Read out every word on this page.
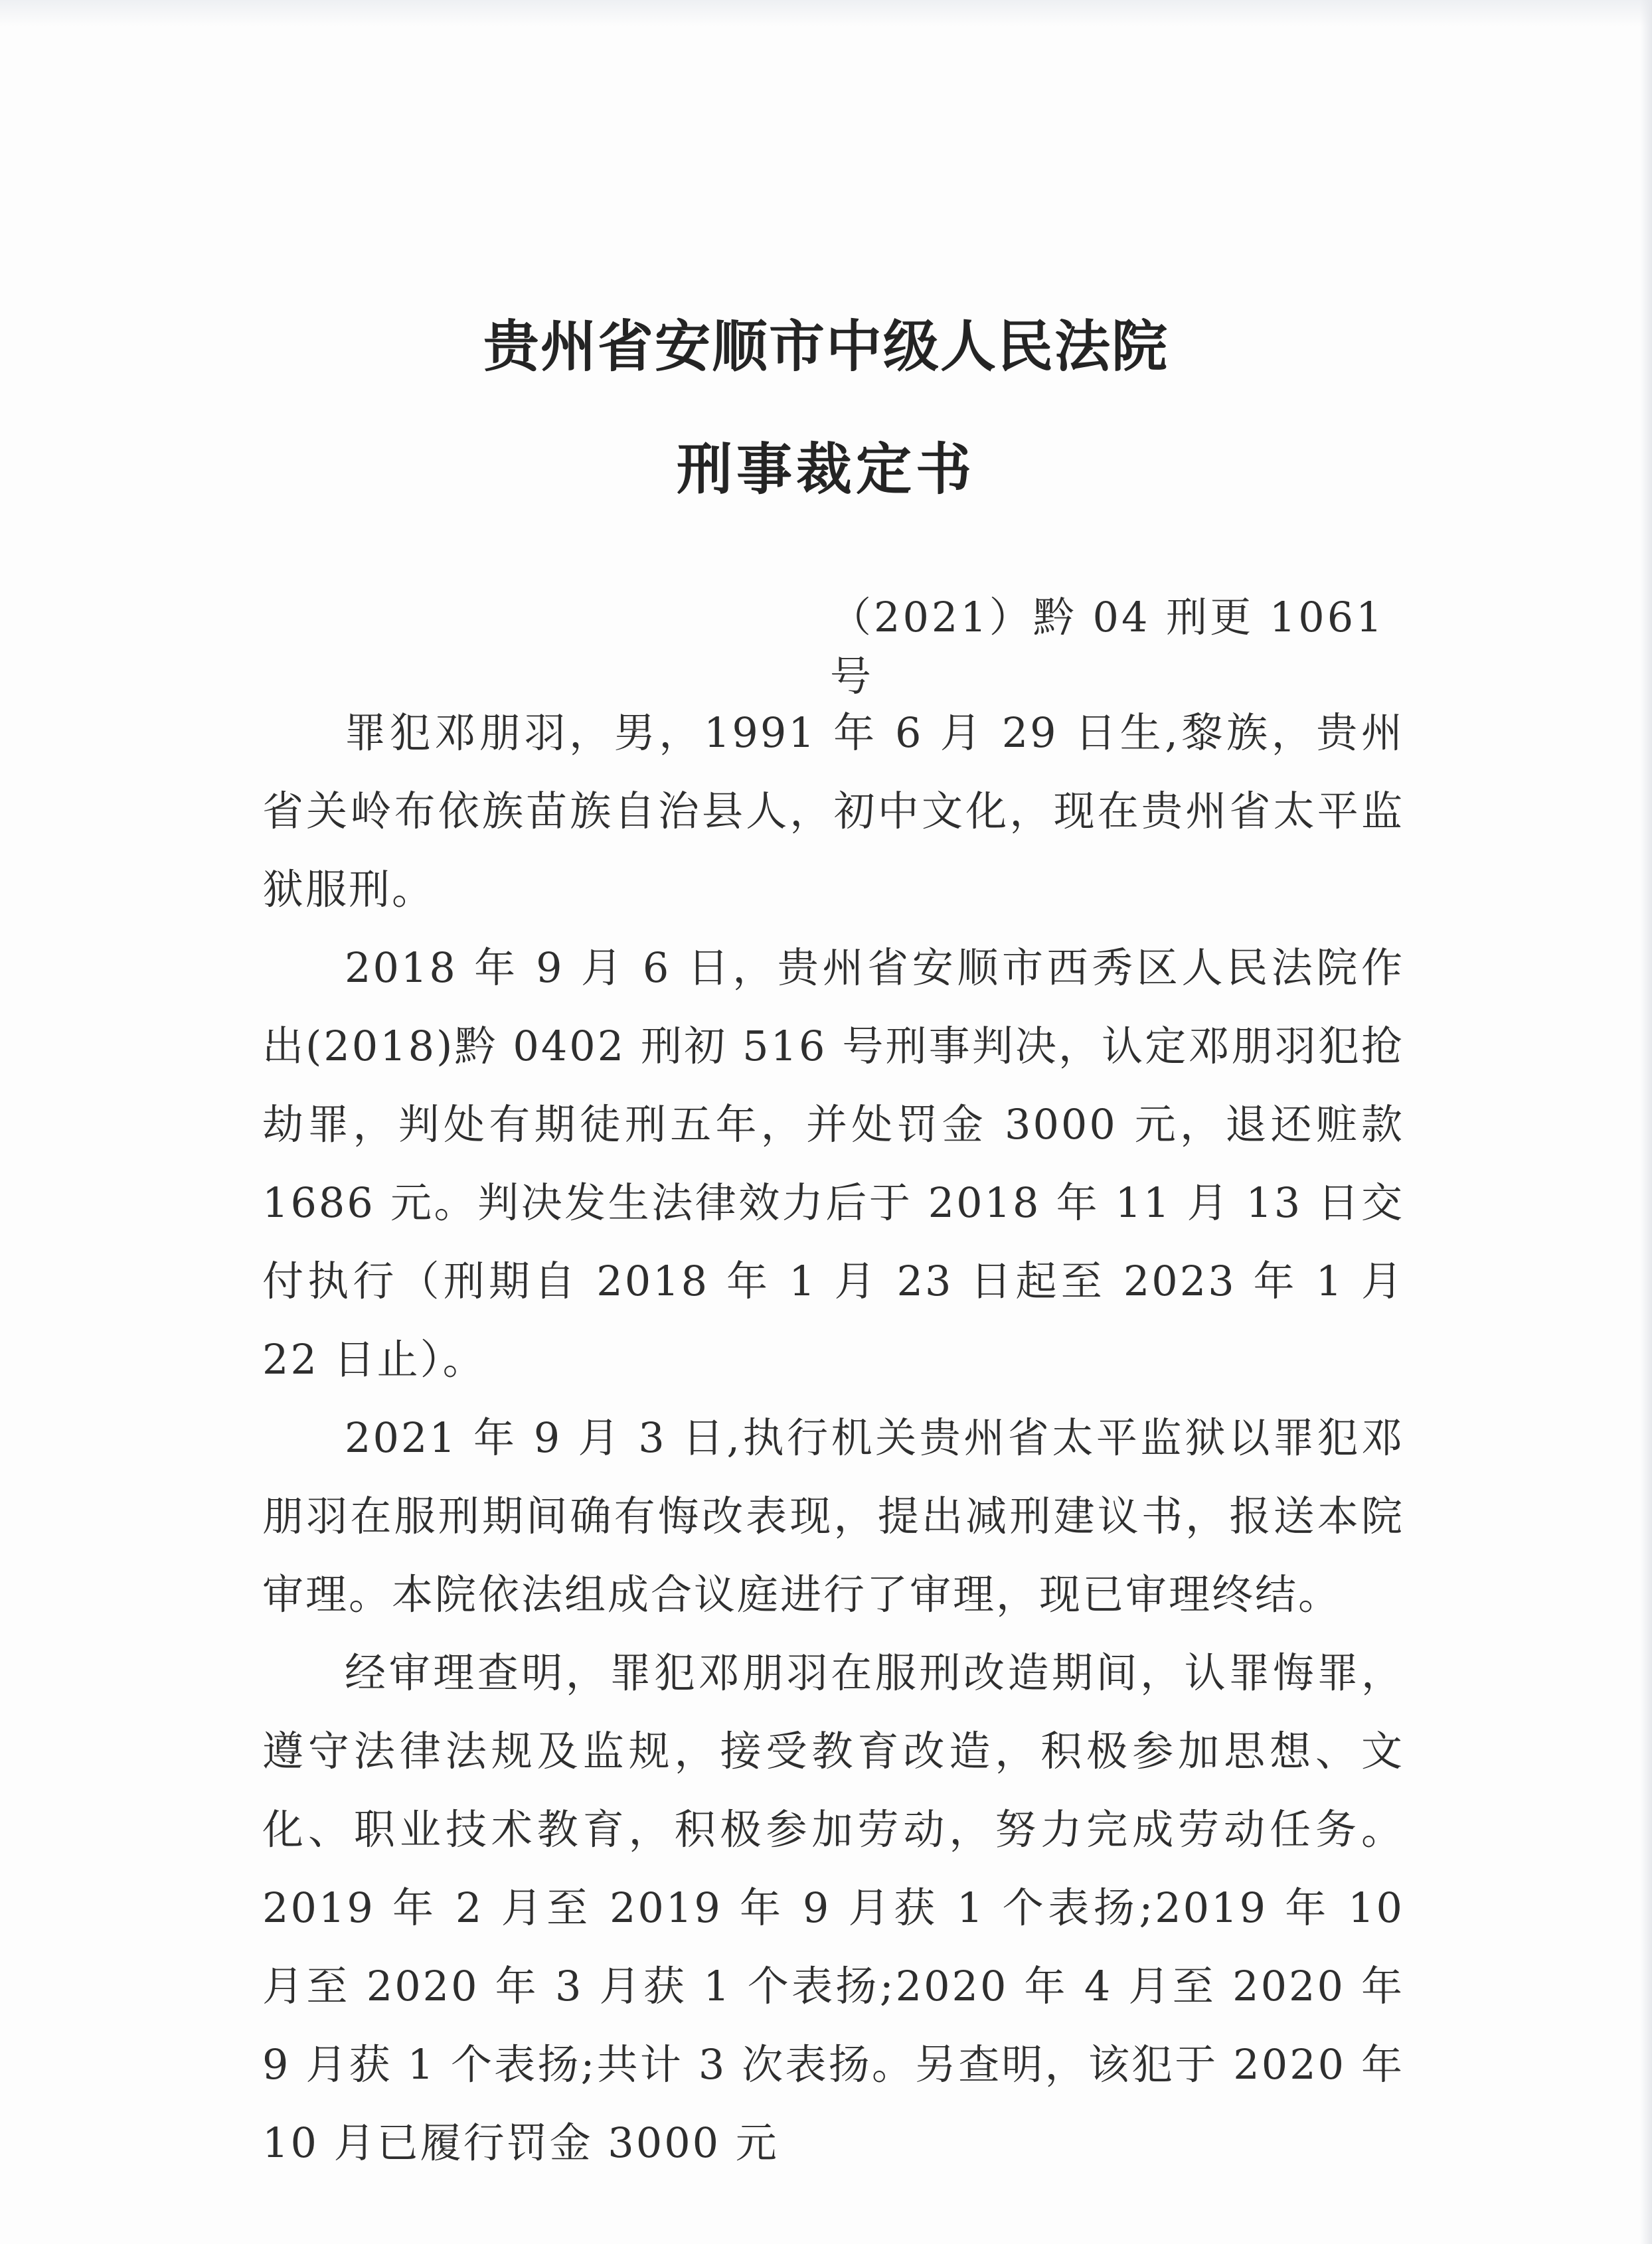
贵州省安顺市中级人民法院
刑事裁定书
（2021）黔 04 刑更 1061 号

罪犯邓朋羽，男，1991 年 6 月 29 日生,黎族，贵州省关岭布依族苗族自治县人，初中文化，现在贵州省太平监狱服刑。

2018 年 9 月 6 日，贵州省安顺市西秀区人民法院作出(2018)黔 0402 刑初 516 号刑事判决，认定邓朋羽犯抢劫罪，判处有期徒刑五年，并处罚金 3000 元，退还赃款 1686 元。判决发生法律效力后于 2018 年 11 月 13 日交付执行（刑期自 2018 年 1 月 23 日起至 2023 年 1 月 22 日止）。

2021 年 9 月 3 日,执行机关贵州省太平监狱以罪犯邓朋羽在服刑期间确有悔改表现，提出减刑建议书，报送本院审理。本院依法组成合议庭进行了审理，现已审理终结。

经审理查明，罪犯邓朋羽在服刑改造期间，认罪悔罪，遵守法律法规及监规，接受教育改造，积极参加思想、文化、职业技术教育，积极参加劳动，努力完成劳动任务。2019 年 2 月至 2019 年 9 月获 1 个表扬;2019 年 10 月至 2020 年 3 月获 1 个表扬;2020 年 4 月至 2020 年 9 月获 1 个表扬;共计 3 次表扬。另查明，该犯于 2020 年 10 月已履行罚金 3000 元
